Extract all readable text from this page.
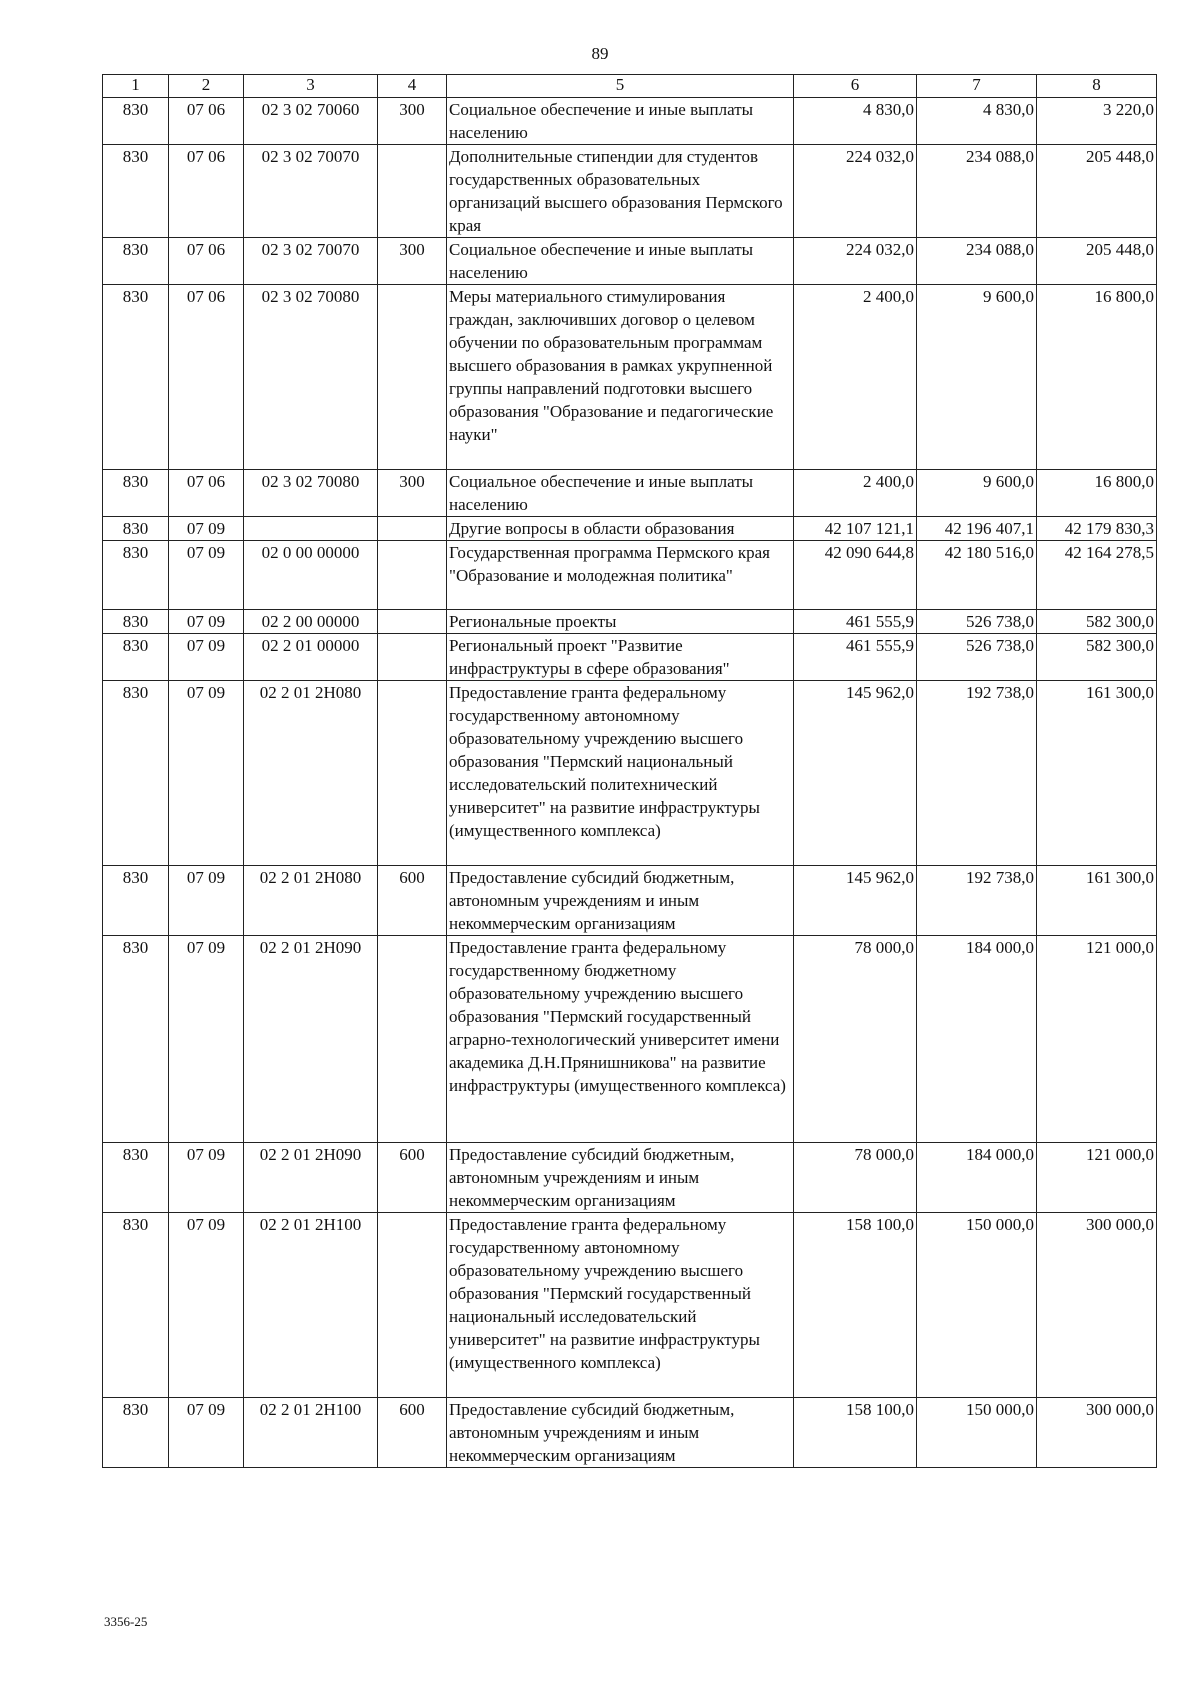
89
1	2	3	4	5	6	7	8
830	07 06	02 3 02 70060	300	Социальное обеспечение и иные выплаты населению	4 830,0	4 830,0	3 220,0
830	07 06	02 3 02 70070		Дополнительные стипендии для студентов государственных образовательных организаций высшего образования Пермского края	224 032,0	234 088,0	205 448,0
830	07 06	02 3 02 70070	300	Социальное обеспечение и иные выплаты населению	224 032,0	234 088,0	205 448,0
830	07 06	02 3 02 70080		Меры материального стимулирования граждан, заключивших договор о целевом обучении по образовательным программам высшего образования в рамках укрупненной группы направлений подготовки высшего образования "Образование и педагогические науки"	2 400,0	9 600,0	16 800,0
830	07 06	02 3 02 70080	300	Социальное обеспечение и иные выплаты населению	2 400,0	9 600,0	16 800,0
830	07 09			Другие вопросы в области образования	42 107 121,1	42 196 407,1	42 179 830,3
830	07 09	02 0 00 00000		Государственная программа Пермского края "Образование и молодежная политика"	42 090 644,8	42 180 516,0	42 164 278,5
830	07 09	02 2 00 00000		Региональные проекты	461 555,9	526 738,0	582 300,0
830	07 09	02 2 01 00000		Региональный проект "Развитие инфраструктуры в сфере образования"	461 555,9	526 738,0	582 300,0
830	07 09	02 2 01 2Н080		Предоставление гранта федеральному государственному автономному образовательному учреждению высшего образования "Пермский национальный исследовательский политехнический университет" на развитие инфраструктуры (имущественного комплекса)	145 962,0	192 738,0	161 300,0
830	07 09	02 2 01 2Н080	600	Предоставление субсидий бюджетным, автономным учреждениям и иным некоммерческим организациям	145 962,0	192 738,0	161 300,0
830	07 09	02 2 01 2Н090		Предоставление гранта федеральному государственному бюджетному образовательному учреждению высшего образования "Пермский государственный аграрно-технологический университет имени академика Д.Н.Прянишникова" на развитие инфраструктуры (имущественного комплекса)	78 000,0	184 000,0	121 000,0
830	07 09	02 2 01 2Н090	600	Предоставление субсидий бюджетным, автономным учреждениям и иным некоммерческим организациям	78 000,0	184 000,0	121 000,0
830	07 09	02 2 01 2Н100		Предоставление гранта федеральному государственному автономному образовательному учреждению высшего образования "Пермский государственный национальный исследовательский университет" на развитие инфраструктуры (имущественного комплекса)	158 100,0	150 000,0	300 000,0
830	07 09	02 2 01 2Н100	600	Предоставление субсидий бюджетным, автономным учреждениям и иным некоммерческим организациям	158 100,0	150 000,0	300 000,0
3356-25
